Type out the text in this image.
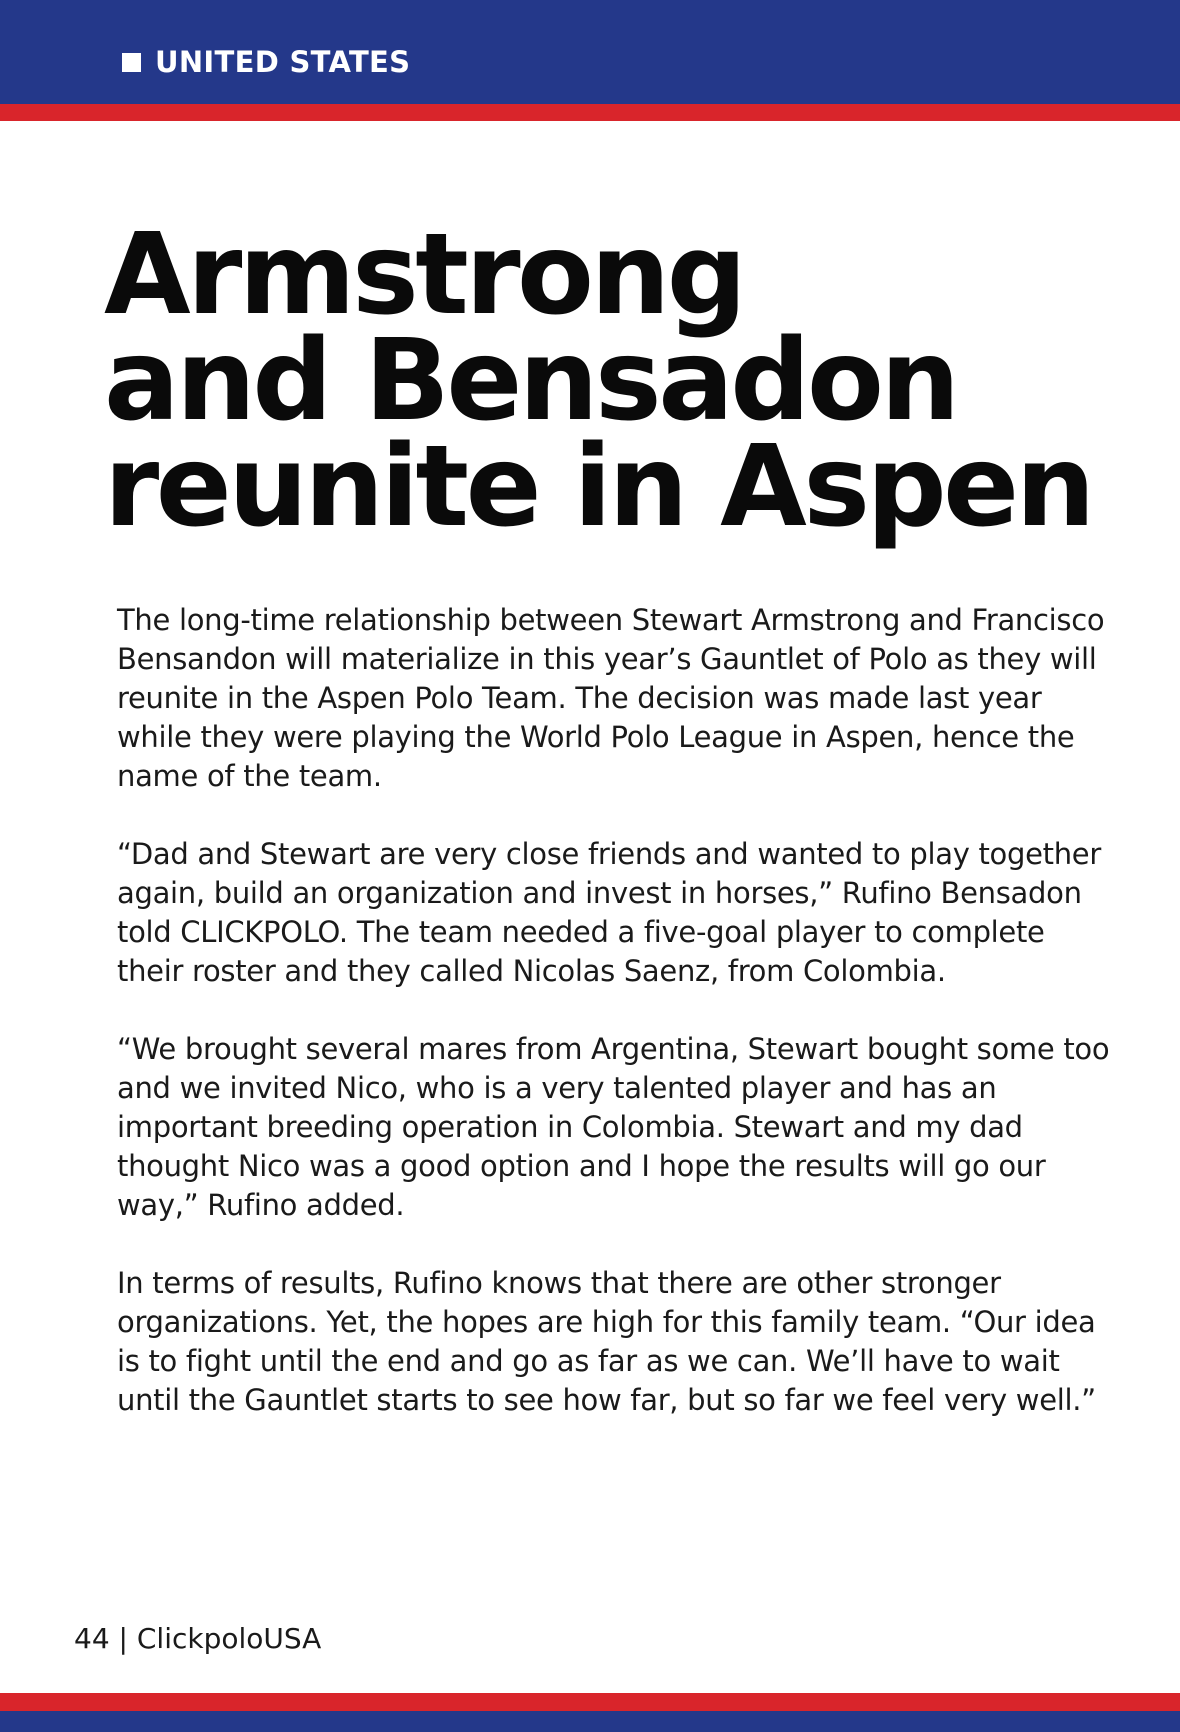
UNITED STATES
Armstrong
and Bensadon
reunite in Aspen

The long-time relationship between Stewart Armstrong and Francisco Bensandon will materialize in this year’s Gauntlet of Polo as they will reunite in the Aspen Polo Team. The decision was made last year while they were playing the World Polo League in Aspen, hence the name of the team.

“Dad and Stewart are very close friends and wanted to play together again, build an organization and invest in horses,” Rufino Bensadon told CLICKPOLO. The team needed a five-goal player to complete their roster and they called Nicolas Saenz, from Colombia.

“We brought several mares from Argentina, Stewart bought some too and we invited Nico, who is a very talented player and has an important breeding operation in Colombia. Stewart and my dad thought Nico was a good option and I hope the results will go our way,” Rufino added.

In terms of results, Rufino knows that there are other stronger organizations. Yet, the hopes are high for this family team. “Our idea is to fight until the end and go as far as we can. We’ll have to wait until the Gauntlet starts to see how far, but so far we feel very well.”

44 | ClickpoloUSA
